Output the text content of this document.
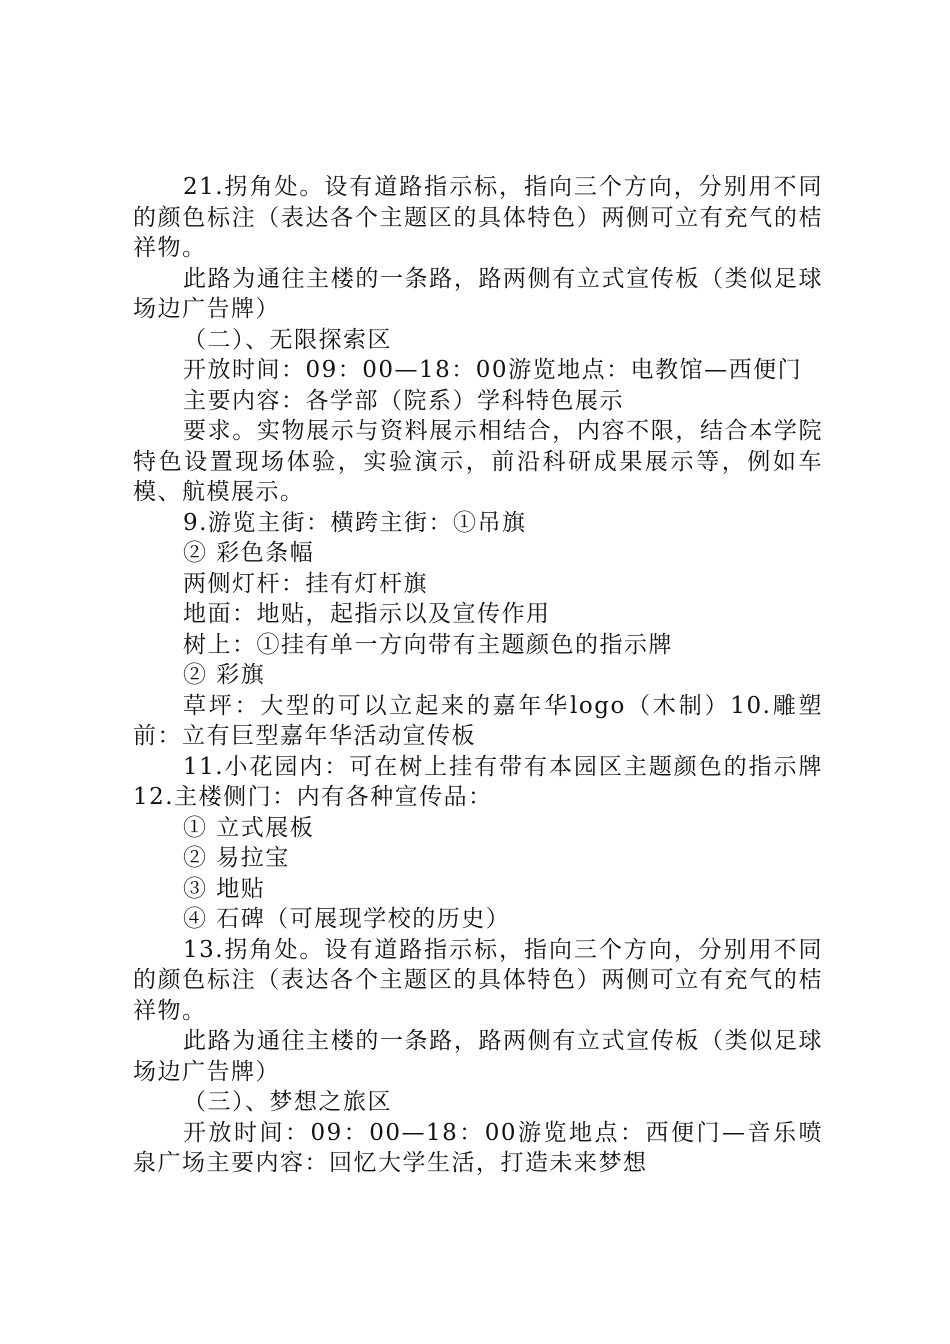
21.拐角处。设有道路指示标，指向三个方向，分别用不同的颜色标注（表达各个主题区的具体特色）两侧可立有充气的桔祥物。

此路为通往主楼的一条路，路两侧有立式宣传板（类似足球场边广告牌）

（二）、无限探索区

开放时间：09：00—18：00游览地点：电教馆—西便门

主要内容：各学部（院系）学科特色展示

要求。实物展示与资料展示相结合，内容不限，结合本学院特色设置现场体验，实验演示，前沿科研成果展示等，例如车模、航模展示。

9.游览主街：横跨主街：①吊旗

② 彩色条幅

两侧灯杆：挂有灯杆旗

地面：地贴，起指示以及宣传作用

树上：①挂有单一方向带有主题颜色的指示牌

② 彩旗

草坪：大型的可以立起来的嘉年华logo（木制）10.雕塑前：立有巨型嘉年华活动宣传板

11.小花园内：可在树上挂有带有本园区主题颜色的指示牌12.主楼侧门：内有各种宣传品：

① 立式展板

② 易拉宝

③ 地贴

④ 石碑（可展现学校的历史）

13.拐角处。设有道路指示标，指向三个方向，分别用不同的颜色标注（表达各个主题区的具体特色）两侧可立有充气的桔祥物。

此路为通往主楼的一条路，路两侧有立式宣传板（类似足球场边广告牌）

（三）、梦想之旅区

开放时间：09：00—18：00游览地点：西便门—音乐喷泉广场主要内容：回忆大学生活，打造未来梦想
